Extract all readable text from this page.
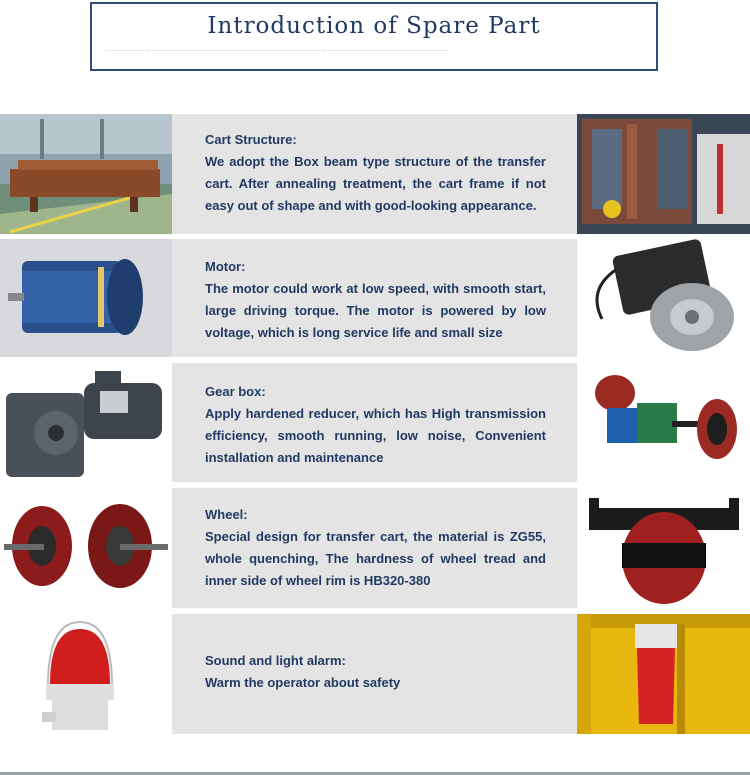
Introduction of Spare Part
······································································································································································································································································································

Cart Structure:

We adopt the Box beam type structure of the transfer cart. After annealing treatment, the cart frame if not easy out of shape and with good-looking appearance.

Motor:

The motor could work at low speed, with smooth start, large driving torque. The motor is powered by low voltage, which is long service life and small size

Gear box:

Apply hardened reducer, which has High transmission efficiency, smooth running, low noise, Convenient installation and maintenance

Wheel:

Special design for transfer cart, the material is ZG55, whole quenching, The hardness of wheel tread and inner side of wheel rim is HB320-380

Sound and light alarm:

Warm the operator about safety
